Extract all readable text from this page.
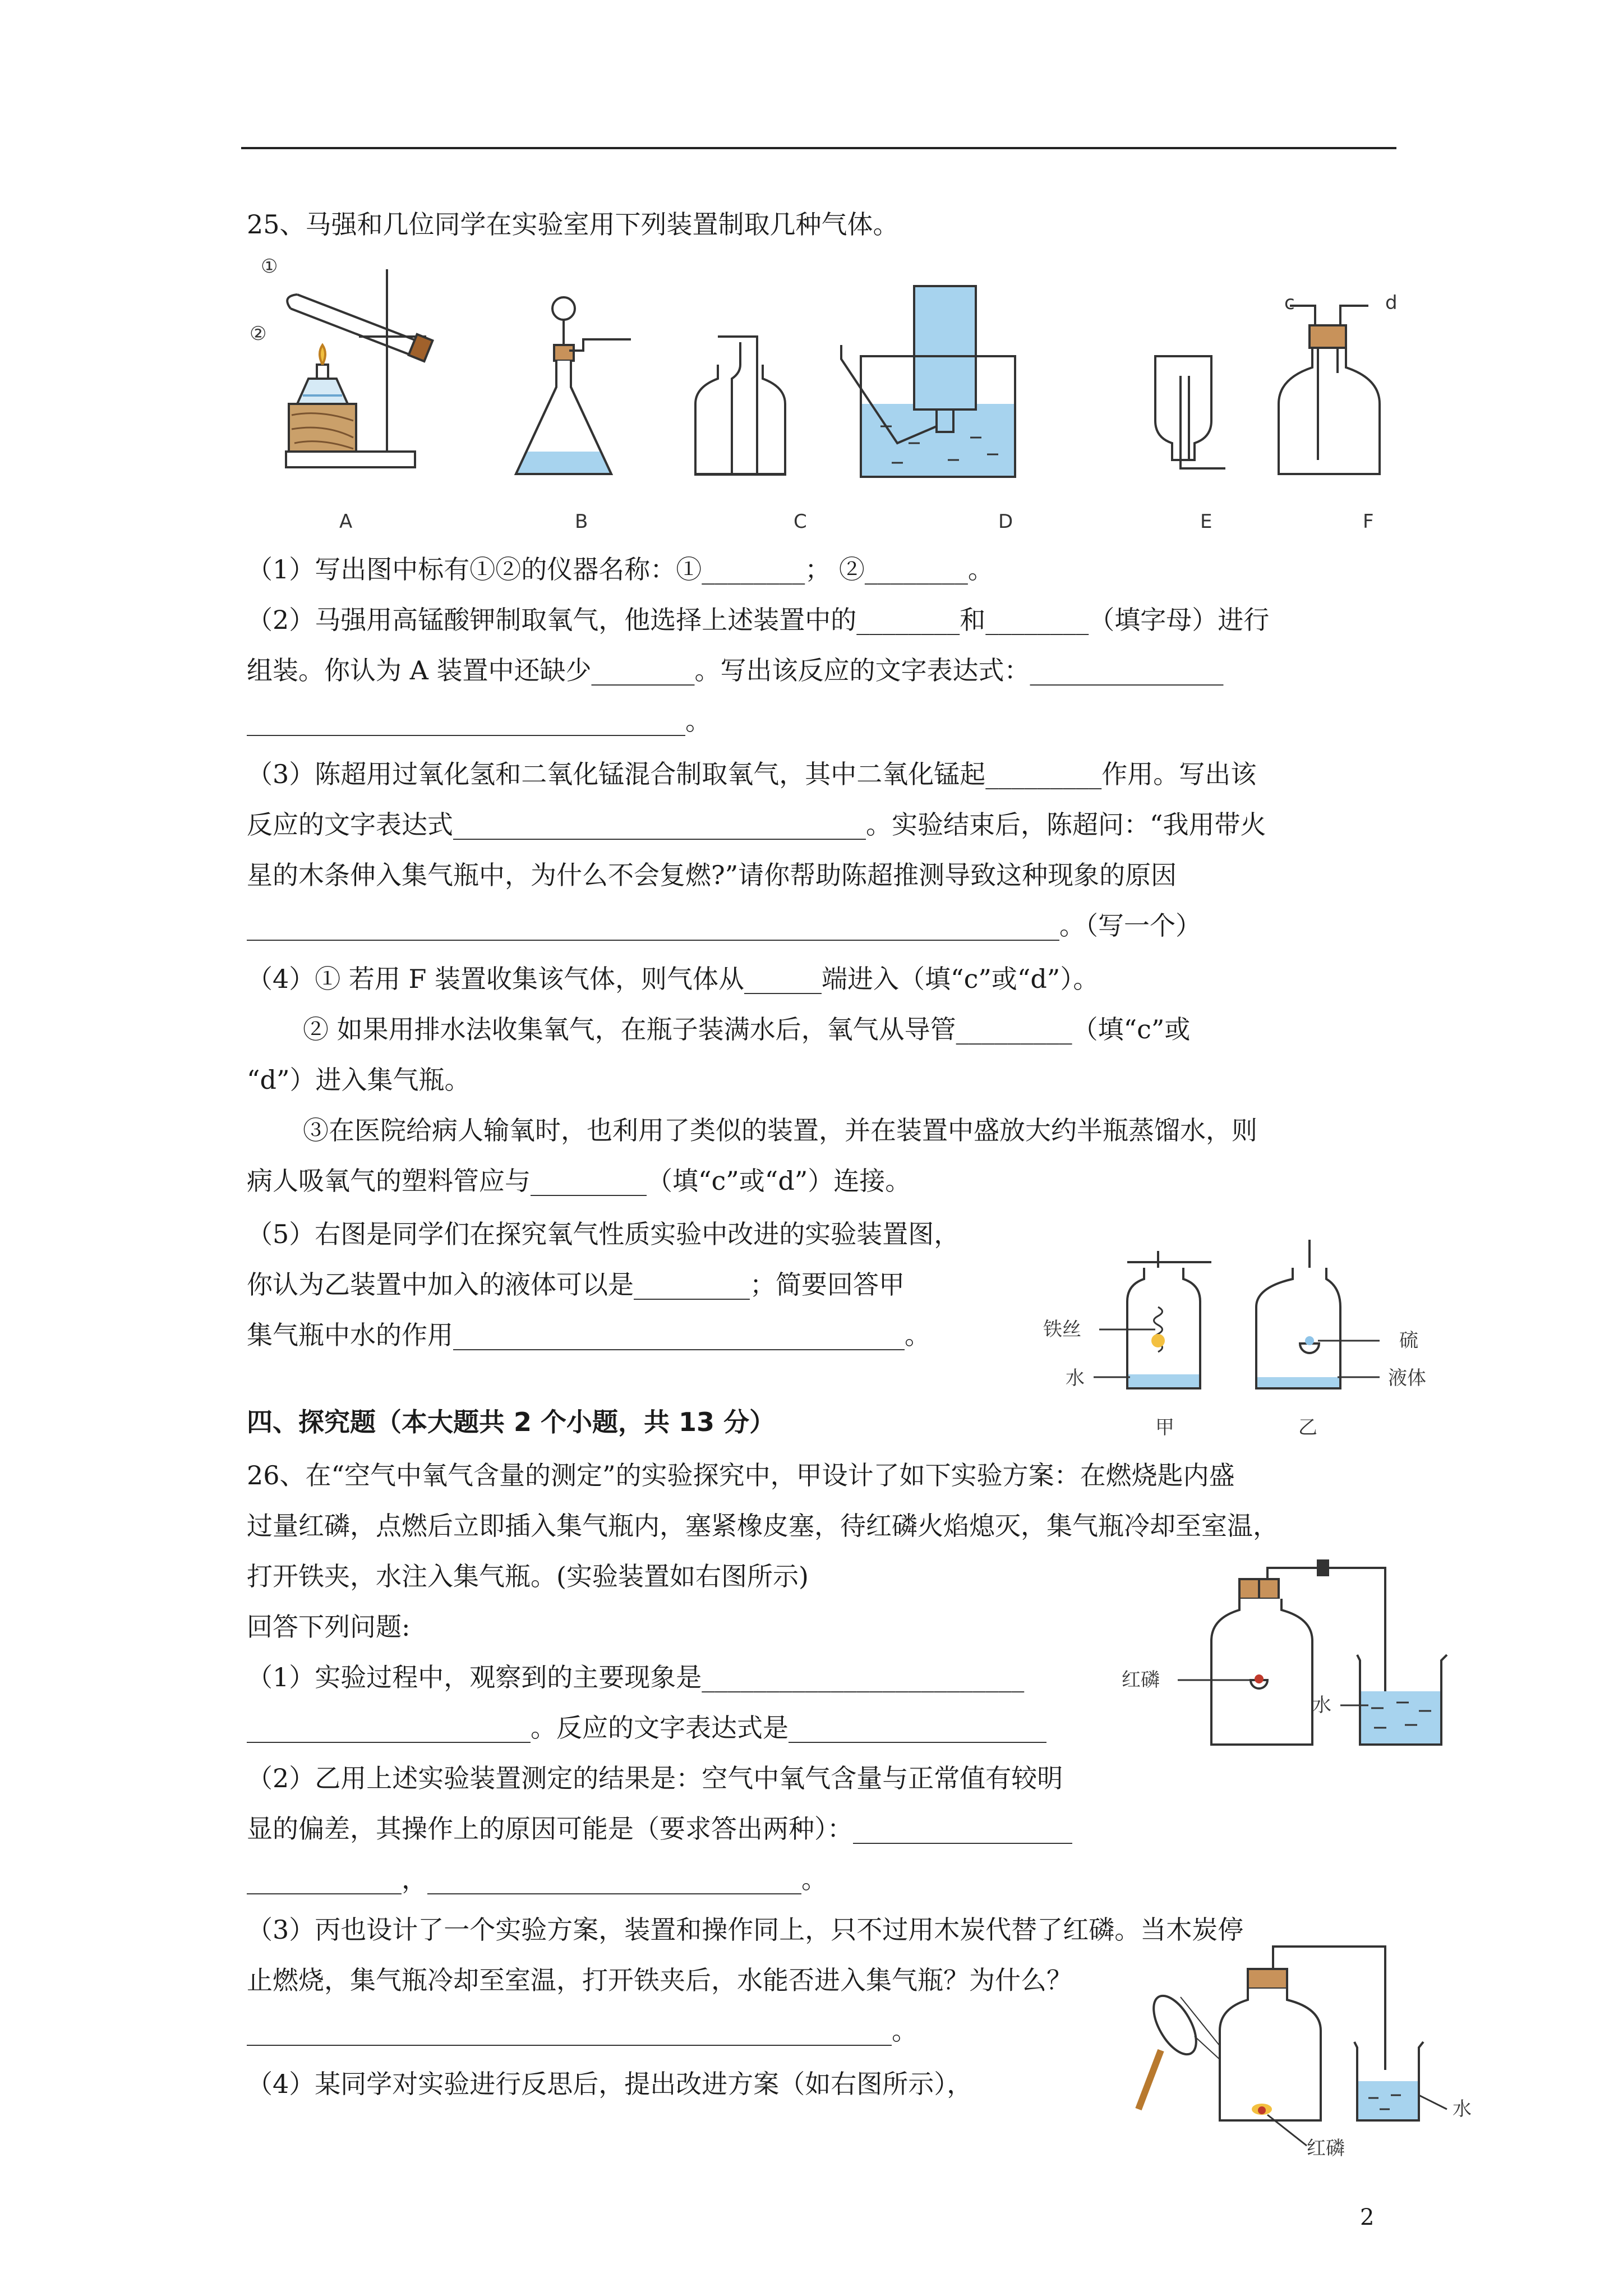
25、马强和几位同学在实验室用下列装置制取几种气体。

①
②
c	d
A	B	C	D	E	F

（1）写出图中标有①②的仪器名称：①________； ②________。

（2）马强用高锰酸钾制取氧气，他选择上述装置中的________和________（填字母）进行

组装。你认为 A 装置中还缺少________。写出该反应的文字表达式：_______________

__________________________________。

（3）陈超用过氧化氢和二氧化锰混合制取氧气，其中二氧化锰起_________作用。写出该

反应的文字表达式________________________________。实验结束后，陈超问：“我用带火

星的木条伸入集气瓶中，为什么不会复燃?”请你帮助陈超推测导致这种现象的原因

_______________________________________________________________。（写一个）

（4）① 若用 F 装置收集该气体，则气体从______端进入（填“c”或“d”）。

② 如果用排水法收集氧气，在瓶子装满水后，氧气从导管_________（填“c”或

“d”）进入集气瓶。

③在医院给病人输氧时，也利用了类似的装置，并在装置中盛放大约半瓶蒸馏水，则

病人吸氧气的塑料管应与_________（填“c”或“d”）连接。

（5）右图是同学们在探究氧气性质实验中改进的实验装置图，

你认为乙装置中加入的液体可以是_________；简要回答甲

集气瓶中水的作用___________________________________。	铁丝
水
硫
液体
甲	乙

四、探究题（本大题共 2 个小题，共 13 分）

26、在“空气中氧气含量的测定”的实验探究中，甲设计了如下实验方案：在燃烧匙内盛

过量红磷，点燃后立即插入集气瓶内，塞紧橡皮塞，待红磷火焰熄灭，集气瓶冷却至室温，

打开铁夹，水注入集气瓶。(实验装置如右图所示)

回答下列问题:

（1）实验过程中，观察到的主要现象是_________________________

______________________。反应的文字表达式是____________________

（2）乙用上述实验装置测定的结果是：空气中氧气含量与正常值有较明

显的偏差，其操作上的原因可能是（要求答出两种）：_________________

____________，_____________________________。

（3）丙也设计了一个实验方案，装置和操作同上，只不过用木炭代替了红磷。当木炭停

止燃烧，集气瓶冷却至室温，打开铁夹后，水能否进入集气瓶？为什么？

__________________________________________________。

（4）某同学对实验进行反思后，提出改进方案（如右图所示），

红磷
水
红磷
水
2
